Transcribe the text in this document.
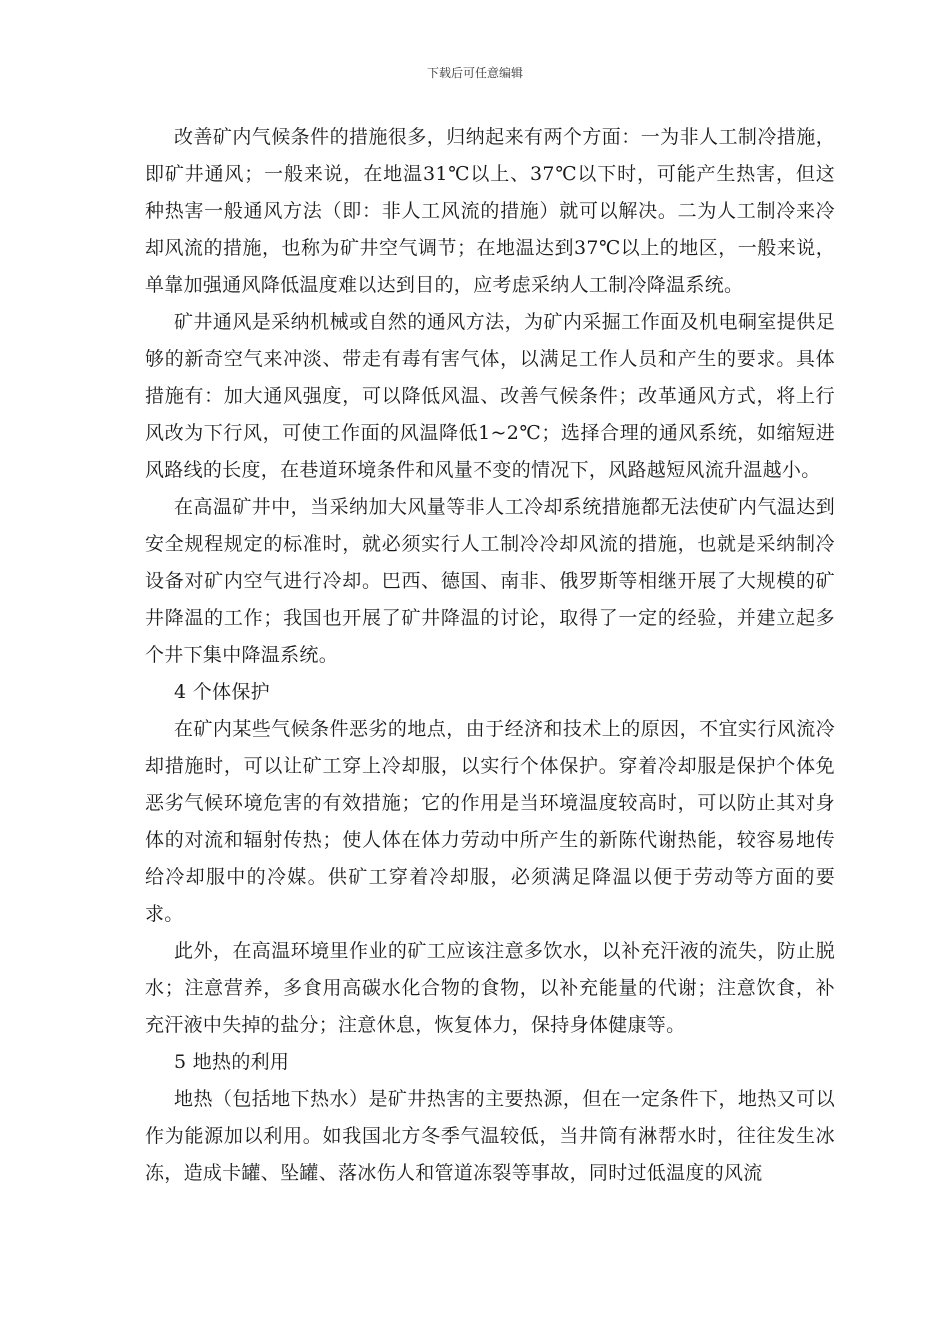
下载后可任意编辑

改善矿内气候条件的措施很多，归纳起来有两个方面：一为非人工制冷措施，即矿井通风；一般来说，在地温31℃以上、37℃以下时，可能产生热害，但这种热害一般通风方法（即：非人工风流的措施）就可以解决。二为人工制冷来冷却风流的措施，也称为矿井空气调节；在地温达到37℃以上的地区，一般来说，单靠加强通风降低温度难以达到目的，应考虑采纳人工制冷降温系统。

矿井通风是采纳机械或自然的通风方法，为矿内采掘工作面及机电硐室提供足够的新奇空气来冲淡、带走有毒有害气体，以满足工作人员和产生的要求。具体措施有：加大通风强度，可以降低风温、改善气候条件；改革通风方式，将上行风改为下行风，可使工作面的风温降低1~2℃；选择合理的通风系统，如缩短进风路线的长度，在巷道环境条件和风量不变的情况下，风路越短风流升温越小。

在高温矿井中，当采纳加大风量等非人工冷却系统措施都无法使矿内气温达到安全规程规定的标准时，就必须实行人工制冷冷却风流的措施，也就是采纳制冷设备对矿内空气进行冷却。巴西、德国、南非、俄罗斯等相继开展了大规模的矿井降温的工作；我国也开展了矿井降温的讨论，取得了一定的经验，并建立起多个井下集中降温系统。

4 个体保护

在矿内某些气候条件恶劣的地点，由于经济和技术上的原因，不宜实行风流冷却措施时，可以让矿工穿上冷却服，以实行个体保护。穿着冷却服是保护个体免恶劣气候环境危害的有效措施；它的作用是当环境温度较高时，可以防止其对身体的对流和辐射传热；使人体在体力劳动中所产生的新陈代谢热能，较容易地传给冷却服中的冷媒。供矿工穿着冷却服，必须满足降温以便于劳动等方面的要求。

此外，在高温环境里作业的矿工应该注意多饮水，以补充汗液的流失，防止脱水；注意营养，多食用高碳水化合物的食物，以补充能量的代谢；注意饮食，补充汗液中失掉的盐分；注意休息，恢复体力，保持身体健康等。

5 地热的利用

地热（包括地下热水）是矿井热害的主要热源，但在一定条件下，地热又可以作为能源加以利用。如我国北方冬季气温较低，当井筒有淋帮水时，往往发生冰冻，造成卡罐、坠罐、落冰伤人和管道冻裂等事故，同时过低温度的风流
